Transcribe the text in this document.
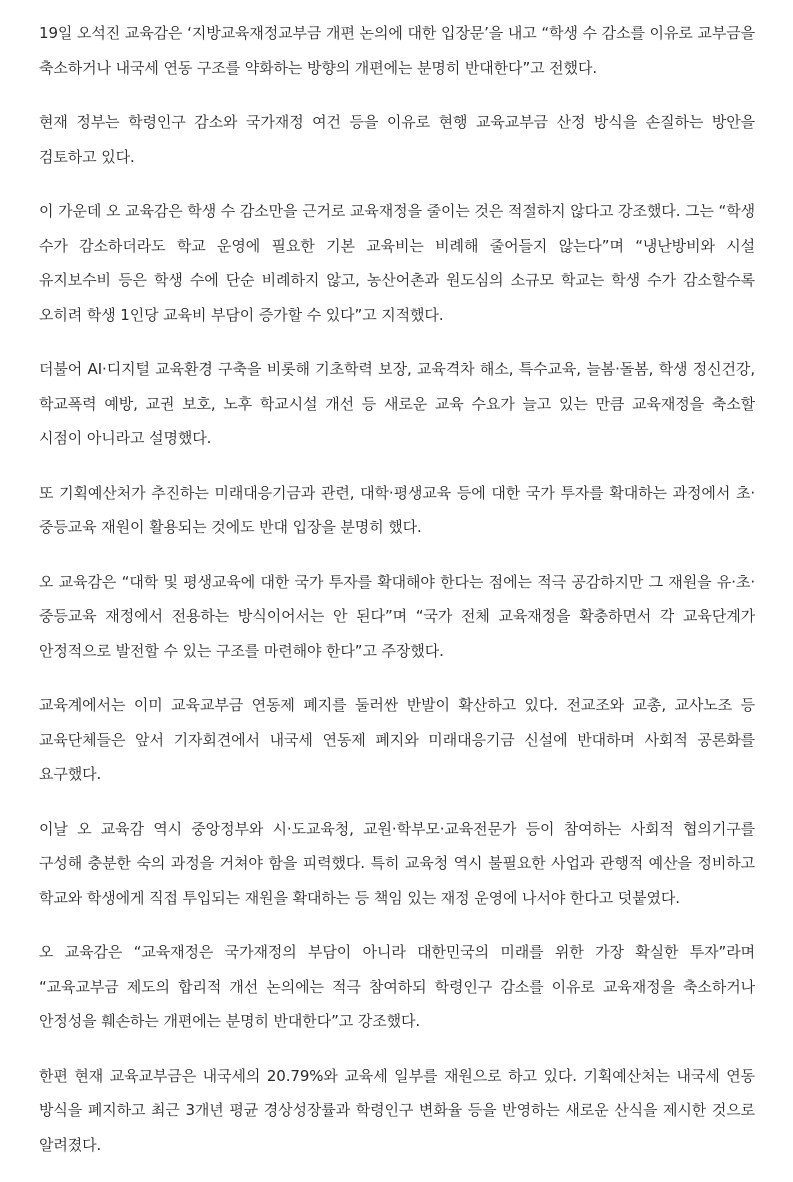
19일 오석진 교육감은 ‘지방교육재정교부금 개편 논의에 대한 입장문’을 내고 “학생 수 감소를 이유로 교부금을 축소하거나 내국세 연동 구조를 약화하는 방향의 개편에는 분명히 반대한다”고 전했다.

현재 정부는 학령인구 감소와 국가재정 여건 등을 이유로 현행 교육교부금 산정 방식을 손질하는 방안을 검토하고 있다.

이 가운데 오 교육감은 학생 수 감소만을 근거로 교육재정을 줄이는 것은 적절하지 않다고 강조했다. 그는 “학생 수가 감소하더라도 학교 운영에 필요한 기본 교육비는 비례해 줄어들지 않는다”며 “냉난방비와 시설 유지보수비 등은 학생 수에 단순 비례하지 않고, 농산어촌과 원도심의 소규모 학교는 학생 수가 감소할수록 오히려 학생 1인당 교육비 부담이 증가할 수 있다”고 지적했다.

더불어 AI·디지털 교육환경 구축을 비롯해 기초학력 보장, 교육격차 해소, 특수교육, 늘봄·돌봄, 학생 정신건강, 학교폭력 예방, 교권 보호, 노후 학교시설 개선 등 새로운 교육 수요가 늘고 있는 만큼 교육재정을 축소할 시점이 아니라고 설명했다.

또 기획예산처가 추진하는 미래대응기금과 관련, 대학·평생교육 등에 대한 국가 투자를 확대하는 과정에서 초·중등교육 재원이 활용되는 것에도 반대 입장을 분명히 했다.

오 교육감은 “대학 및 평생교육에 대한 국가 투자를 확대해야 한다는 점에는 적극 공감하지만 그 재원을 유·초·중등교육 재정에서 전용하는 방식이어서는 안 된다”며 “국가 전체 교육재정을 확충하면서 각 교육단계가 안정적으로 발전할 수 있는 구조를 마련해야 한다”고 주장했다.

교육계에서는 이미 교육교부금 연동제 폐지를 둘러싼 반발이 확산하고 있다. 전교조와 교총, 교사노조 등 교육단체들은 앞서 기자회견에서 내국세 연동제 폐지와 미래대응기금 신설에 반대하며 사회적 공론화를 요구했다.

이날 오 교육감 역시 중앙정부와 시·도교육청, 교원·학부모·교육전문가 등이 참여하는 사회적 협의기구를 구성해 충분한 숙의 과정을 거쳐야 함을 피력했다. 특히 교육청 역시 불필요한 사업과 관행적 예산을 정비하고 학교와 학생에게 직접 투입되는 재원을 확대하는 등 책임 있는 재정 운영에 나서야 한다고 덧붙였다.

오 교육감은 “교육재정은 국가재정의 부담이 아니라 대한민국의 미래를 위한 가장 확실한 투자”라며 “교육교부금 제도의 합리적 개선 논의에는 적극 참여하되 학령인구 감소를 이유로 교육재정을 축소하거나 안정성을 훼손하는 개편에는 분명히 반대한다”고 강조했다.

한편 현재 교육교부금은 내국세의 20.79%와 교육세 일부를 재원으로 하고 있다. 기획예산처는 내국세 연동 방식을 폐지하고 최근 3개년 평균 경상성장률과 학령인구 변화율 등을 반영하는 새로운 산식을 제시한 것으로 알려졌다.
